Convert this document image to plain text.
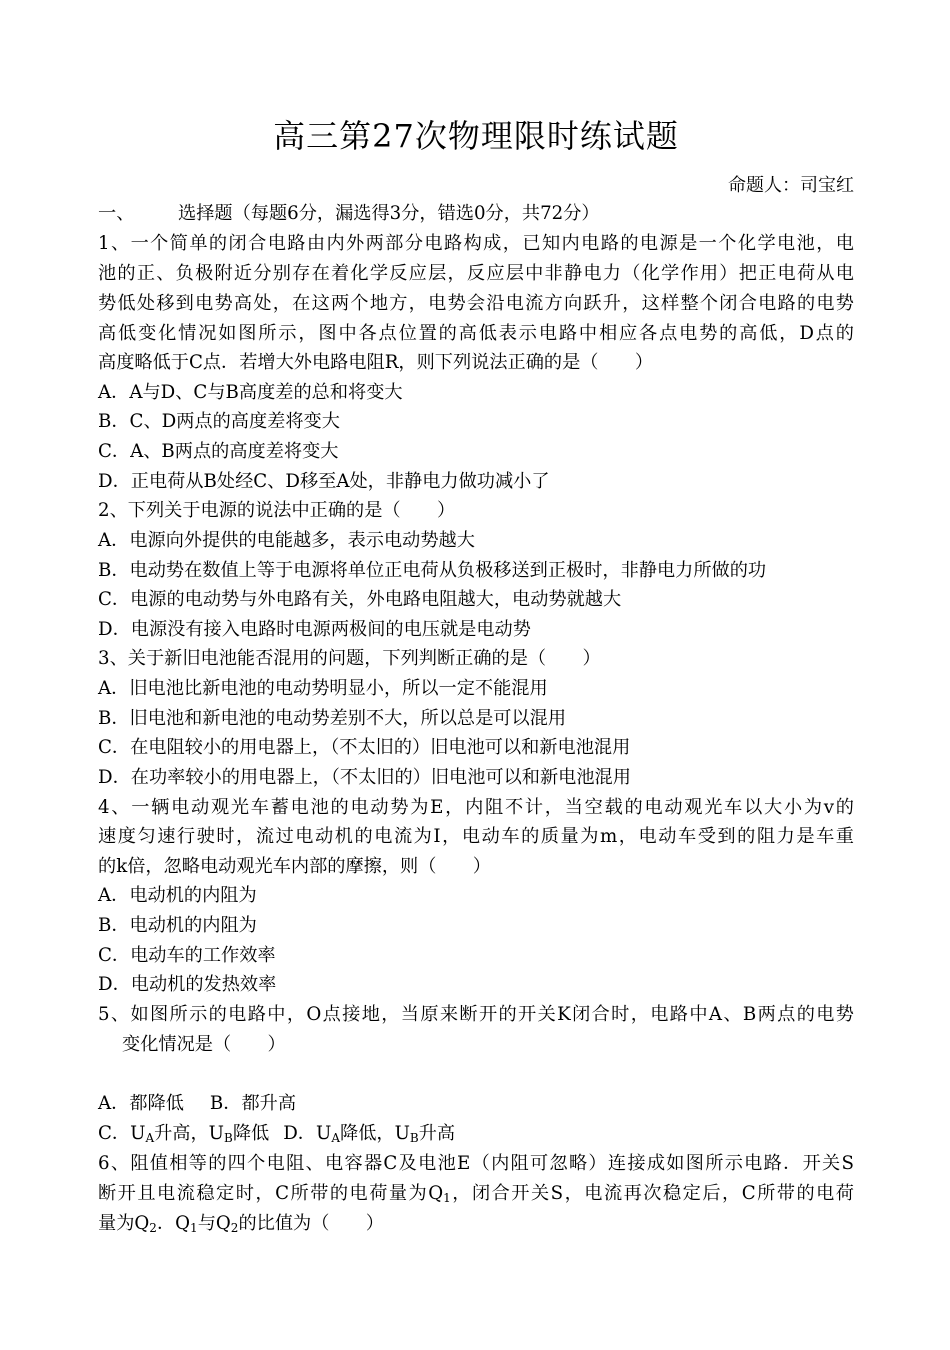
高三第27次物理限时练试题
命题人：司宝红
一、 选择题（每题6分，漏选得3分，错选0分，共72分）
1、一个简单的闭合电路由内外两部分电路构成，已知内电路的电源是一个化学电池，电
池的正、负极附近分别存在着化学反应层，反应层中非静电力（化学作用）把正电荷从电
势低处移到电势高处，在这两个地方，电势会沿电流方向跃升，这样整个闭合电路的电势
高低变化情况如图所示，图中各点位置的高低表示电路中相应各点电势的高低，D点的
高度略低于C点．若增大外电路电阻R，则下列说法正确的是（　　）
A．A与D、C与B高度差的总和将变大
B．C、D两点的高度差将变大
C．A、B两点的高度差将变大
D．正电荷从B处经C、D移至A处，非静电力做功减小了
2、下列关于电源的说法中正确的是（　　）
A．电源向外提供的电能越多，表示电动势越大
B．电动势在数值上等于电源将单位正电荷从负极移送到正极时，非静电力所做的功
C．电源的电动势与外电路有关，外电路电阻越大，电动势就越大
D．电源没有接入电路时电源两极间的电压就是电动势
3、关于新旧电池能否混用的问题，下列判断正确的是（　　）
A．旧电池比新电池的电动势明显小，所以一定不能混用
B．旧电池和新电池的电动势差别不大，所以总是可以混用
C．在电阻较小的用电器上，（不太旧的）旧电池可以和新电池混用
D．在功率较小的用电器上，（不太旧的）旧电池可以和新电池混用
4、一辆电动观光车蓄电池的电动势为E，内阻不计，当空载的电动观光车以大小为v的
速度匀速行驶时，流过电动机的电流为I，电动车的质量为m，电动车受到的阻力是车重
的k倍，忽略电动观光车内部的摩擦，则（　　）
A．电动机的内阻为
B．电动机的内阻为
C．电动车的工作效率
D．电动机的发热效率
5、如图所示的电路中，O点接地，当原来断开的开关K闭合时，电路中A、B两点的电势
变化情况是（　　）
A．都降低 B．都升高
C．$U_A$升高，$U_B$降低 D．$U_A$降低，$U_B$升高
6、阻值相等的四个电阻、电容器C及电池E（内阻可忽略）连接成如图所示电路．开关S
断开且电流稳定时，C所带的电荷量为$Q_1$，闭合开关S，电流再次稳定后，C所带的电荷
量为$Q_2$．$Q_1$与$Q_2$的比值为（　　）
